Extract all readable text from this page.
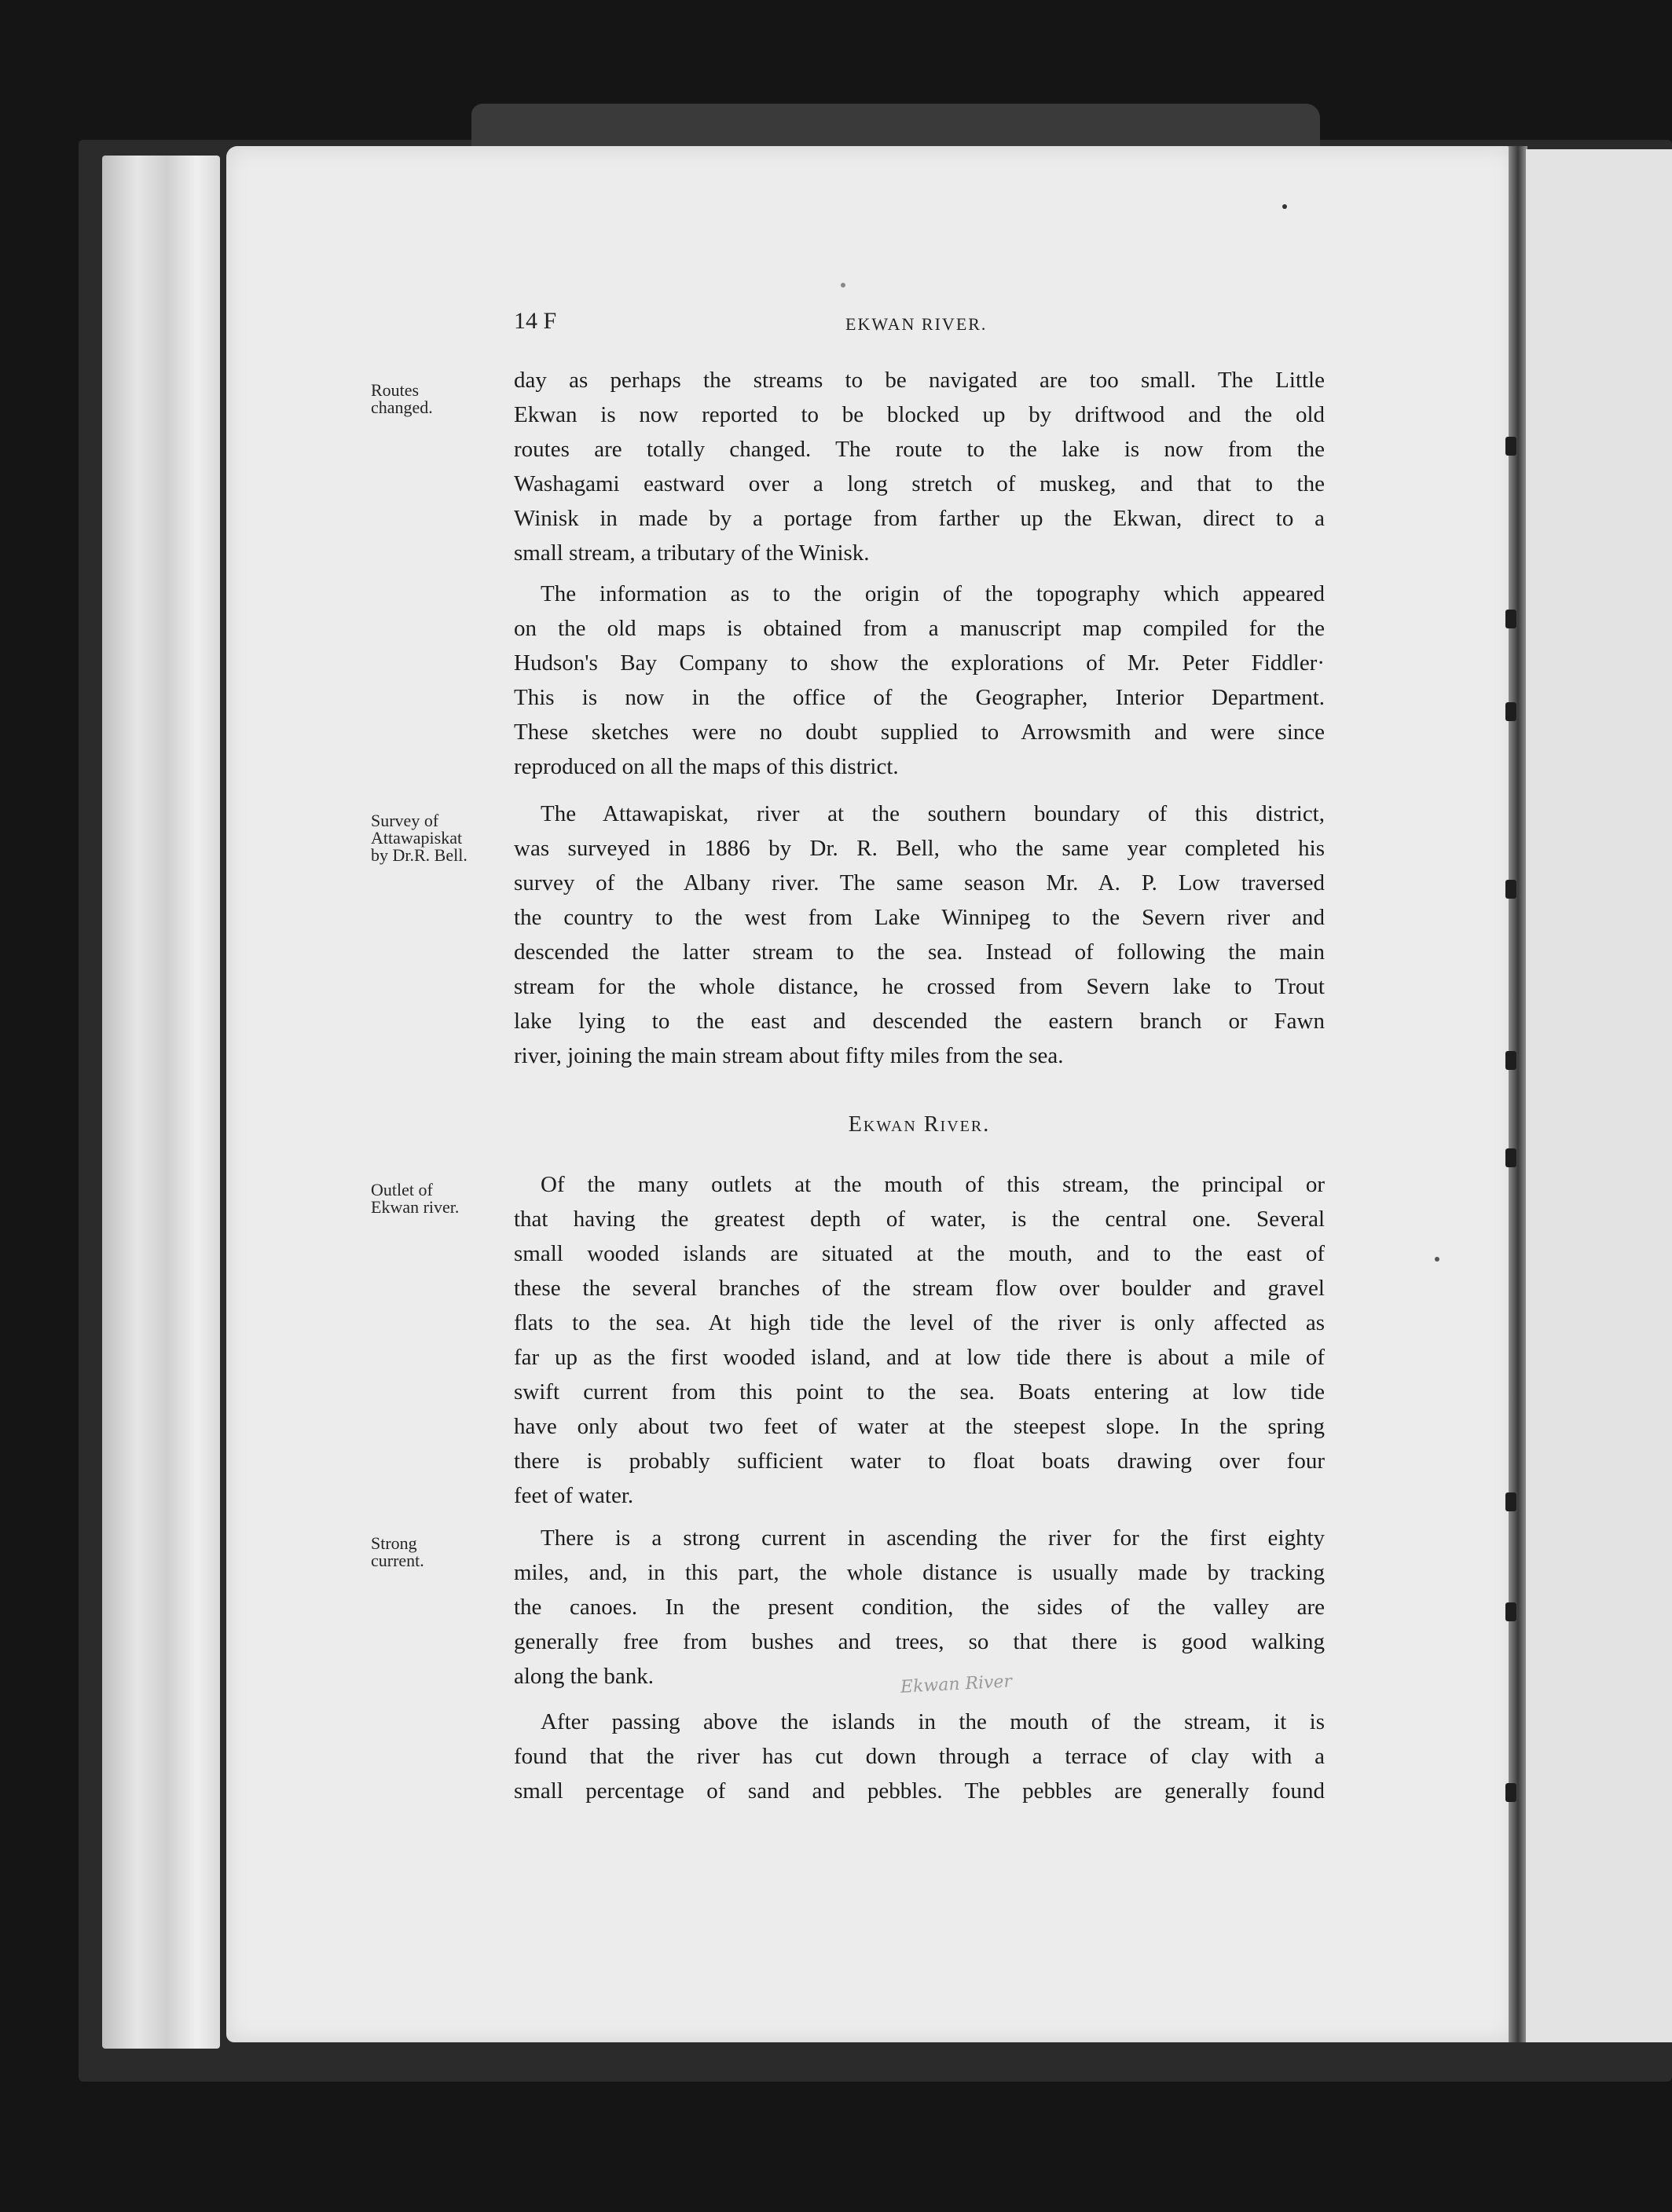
14 F	EKWAN RIVER.
Routes
changed.
Survey of
Attawapiskat
by Dr.R. Bell.
Outlet of
Ekwan river.
Strong
current.
day as perhaps the streams to be navigated are too small. The Little
Ekwan is now reported to be blocked up by driftwood and the old
routes are totally changed. The route to the lake is now from the
Washagami eastward over a long stretch of muskeg, and that to the
Winisk in made by a portage from farther up the Ekwan, direct to a
small stream, a tributary of the Winisk.
The information as to the origin of the topography which appeared
on the old maps is obtained from a manuscript map compiled for the
Hudson's Bay Company to show the explorations of Mr. Peter Fiddler·
This is now in the office of the Geographer, Interior Department.
These sketches were no doubt supplied to Arrowsmith and were since
reproduced on all the maps of this district.
The Attawapiskat, river at the southern boundary of this district,
was surveyed in 1886 by Dr. R. Bell, who the same year completed his
survey of the Albany river. The same season Mr. A. P. Low traversed
the country to the west from Lake Winnipeg to the Severn river and
descended the latter stream to the sea. Instead of following the main
stream for the whole distance, he crossed from Severn lake to Trout
lake lying to the east and descended the eastern branch or Fawn
river, joining the main stream about fifty miles from the sea.
Ekwan River.
Of the many outlets at the mouth of this stream, the principal or
that having the greatest depth of water, is the central one. Several
small wooded islands are situated at the mouth, and to the east of
these the several branches of the stream flow over boulder and gravel
flats to the sea. At high tide the level of the river is only affected as
far up as the first wooded island, and at low tide there is about a mile of
swift current from this point to the sea. Boats entering at low tide
have only about two feet of water at the steepest slope. In the spring
there is probably sufficient water to float boats drawing over four
feet of water.
There is a strong current in ascending the river for the first eighty
miles, and, in this part, the whole distance is usually made by tracking
the canoes. In the present condition, the sides of the valley are
generally free from bushes and trees, so that there is good walking
along the bank.	Ekwan River
After passing above the islands in the mouth of the stream, it is
found that the river has cut down through a terrace of clay with a
small percentage of sand and pebbles. The pebbles are generally found
